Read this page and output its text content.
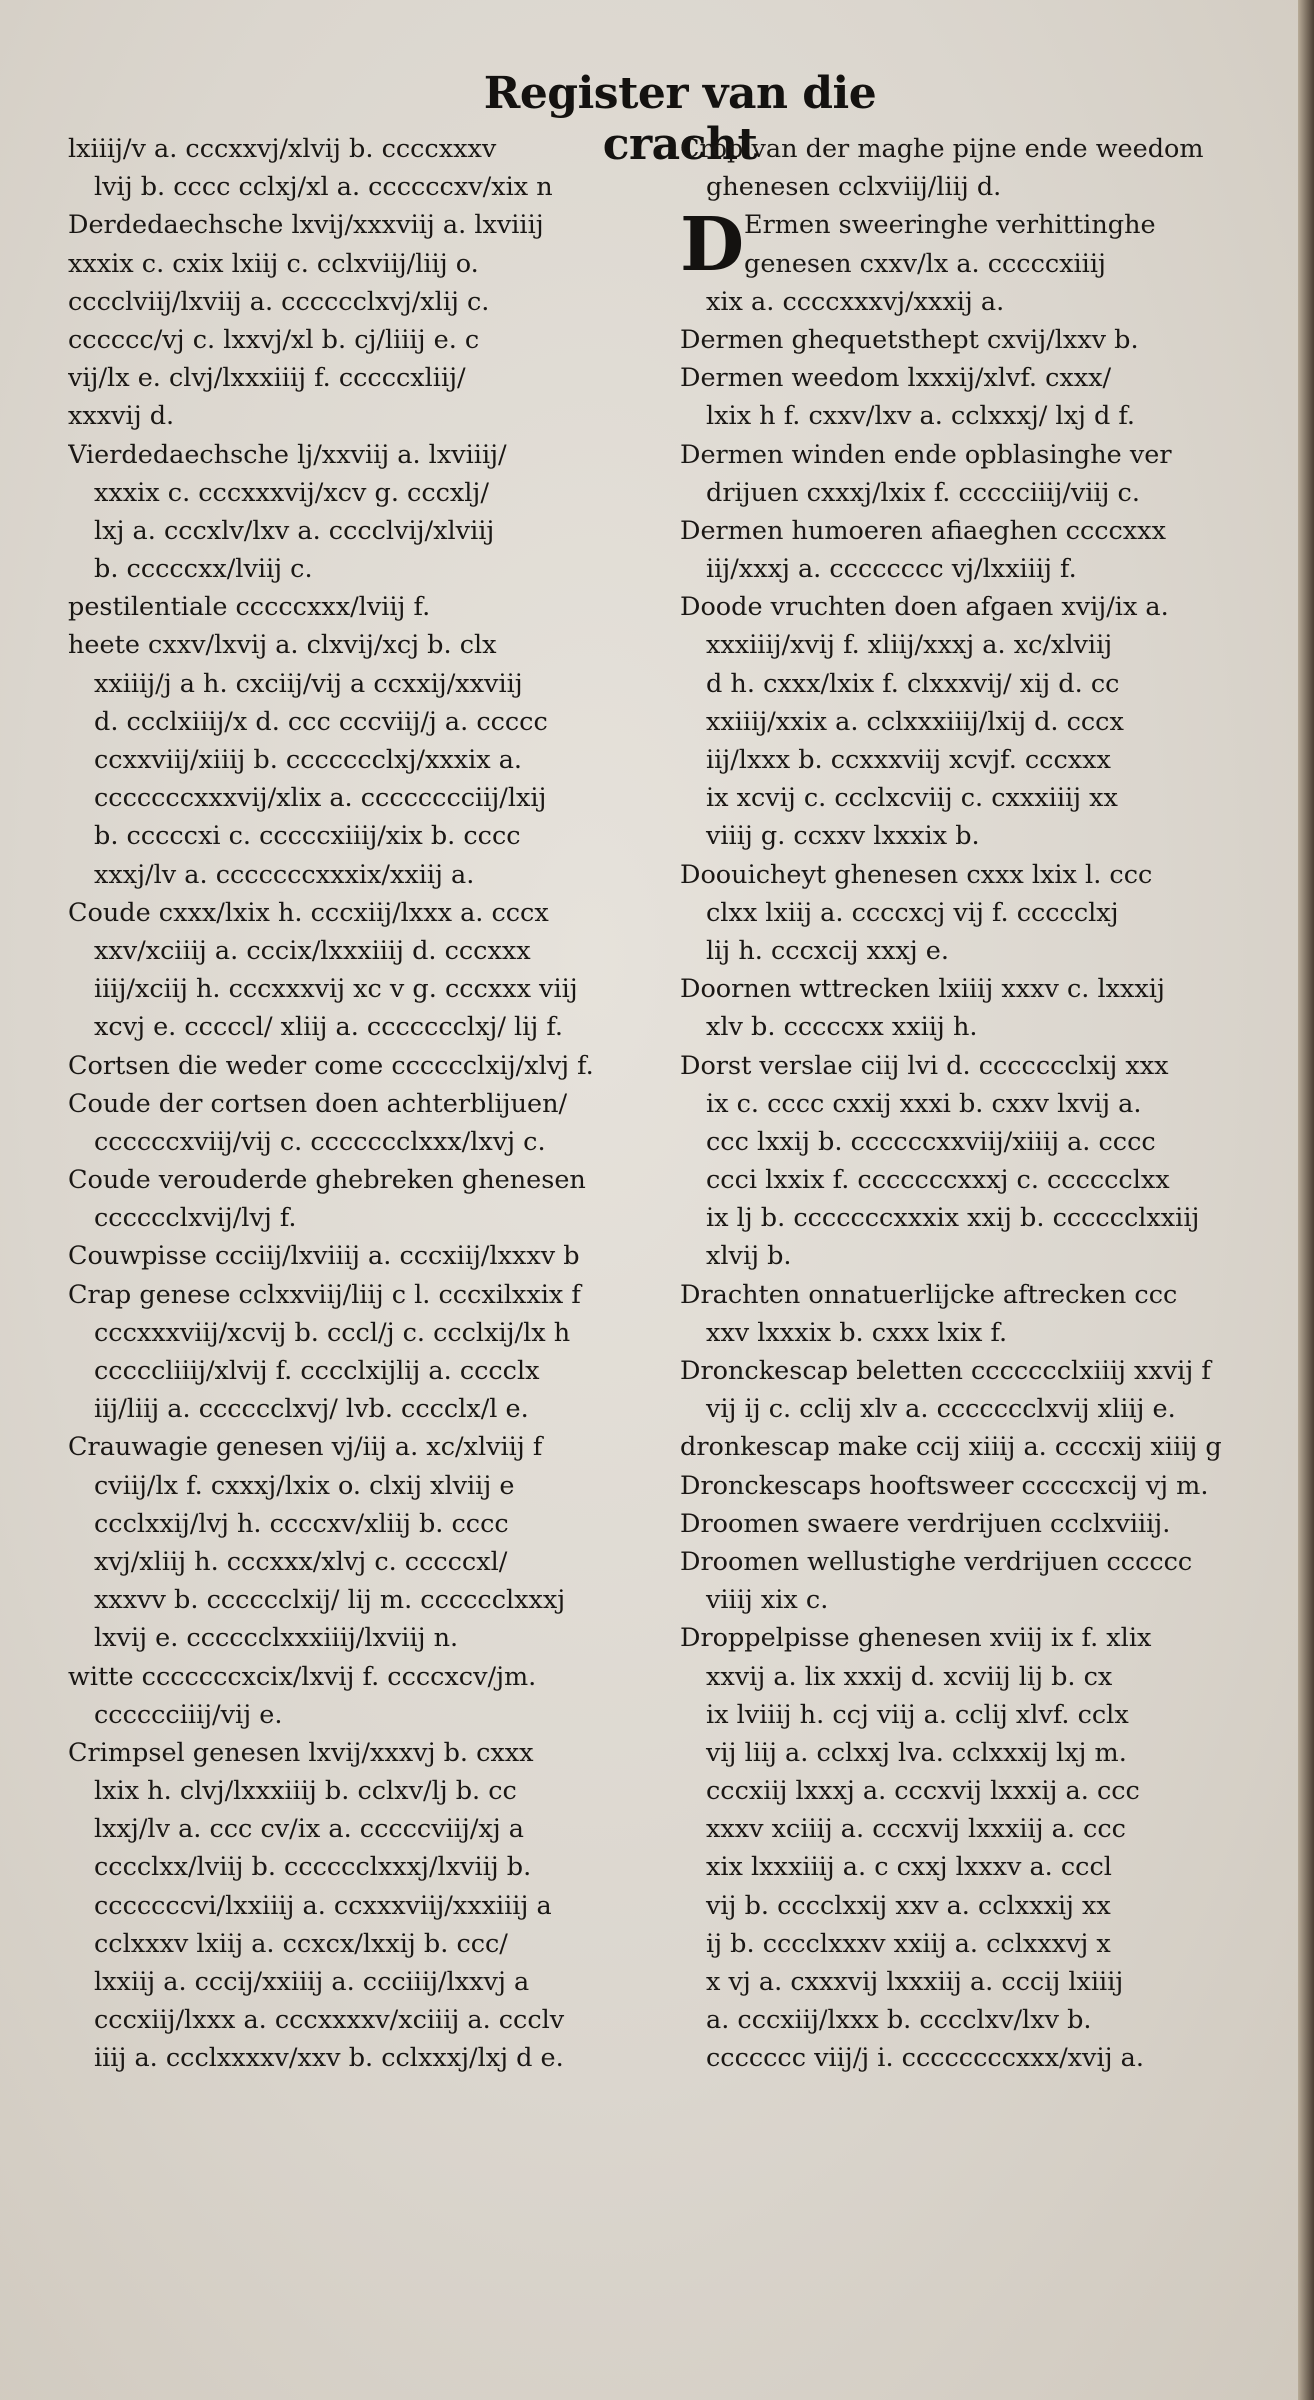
Register van die cracht
lxiiij/v a. cccxxvj/xlvij b. ccccxxxv
lvij b. cccc cclxj/xl a. ccccccxv/xix n
Derdedaechsche lxvij/xxxviij a. lxviiij
xxxix c. cxix lxiij c. cclxviij/liij o.
cccclviij/lxviij a. cccccclxvj/xlij c.
cccccc/vj c. lxxvj/xl b. cj/liiij e. c
vij/lx e. clvj/lxxxiiij f. cccccxliij/
xxxvij d.
Vierdedaechsche lj/xxviij a. lxviiij/
xxxix c. cccxxxvij/xcv g. cccxlj/
lxj a. cccxlv/lxv a. cccclvij/xlviij
b. cccccxx/lviij c.
pestilentiale cccccxxx/lviij f.
heete cxxv/lxvij a. clxvij/xcj b. clx
xxiiij/j a h. cxciij/vij a ccxxij/xxviij
d. ccclxiiij/x d. ccc cccviij/j a. ccccc
ccxxviij/xiiij b. ccccccclxj/xxxix a.
cccccccxxxvij/xlix a. cccccccciij/lxij
b. cccccxi c. cccccxiiij/xix b. cccc
xxxj/lv a. cccccccxxxix/xxiij a.
Coude cxxx/lxix h. cccxiij/lxxx a. cccx
xxv/xciiij a. cccix/lxxxiiij d. cccxxx
iiij/xciij h. cccxxxvij xc v g. cccxxx viij
xcvj e. cccccl/ xliij a. ccccccclxj/ lij f.
Cortsen die weder come cccccclxij/xlvj f.
Coude der cortsen doen achterblijuen/
ccccccxviij/vij c. ccccccclxxx/lxvj c.
Coude verouderde ghebreken ghenesen
cccccclxvij/lvj f.
Couwpisse ccciij/lxviiij a. cccxiij/lxxxv b
Crap genese cclxxviij/liij c l. cccxilxxix f
cccxxxviij/xcvij b. cccl/j c. ccclxij/lx h
cccccliiij/xlvij f. cccclxijlij a. cccclx
iij/liij a. cccccclxvj/ lvb. cccclx/l e.
Crauwagie genesen vj/iij a. xc/xlviij f
cviij/lx f. cxxxj/lxix o. clxij xlviij e
ccclxxij/lvj h. ccccxv/xliij b. cccc
xvj/xliij h. cccxxx/xlvj c. cccccxl/
xxxvv b. cccccclxij/ lij m. cccccclxxxj
lxvij e. cccccclxxxiiij/lxviij n.
witte cccccccxcix/lxvij f. ccccxcv/jm.
cccccciiij/vij e.
Crimpsel genesen lxvij/xxxvj b. cxxx
lxix h. clvj/lxxxiiij b. cclxv/lj b. cc
lxxj/lv a. ccc cv/ix a. cccccviij/xj a
cccclxx/lviij b. cccccclxxxj/lxviij b.
cccccccvi/lxxiiij a. ccxxxviij/xxxiiij a
cclxxxv lxiij a. ccxcx/lxxij b. ccc/
lxxiij a. cccij/xxiiij a. ccciiij/lxxvj a
cccxiij/lxxx a. cccxxxxv/xciiij a. ccclv
iiij a. ccclxxxxv/xxv b. cclxxxj/lxj d e.
Crop van der maghe pijne ende weedom
ghenesen cclxviij/liij d.
D Ermen sweeringhe verhittinghe
genesen cxxv/lx a. cccccxiiij
xix a. ccccxxxvj/xxxij a.
Dermen ghequetsthept cxvij/lxxv b.
Dermen weedom lxxxij/xlvf. cxxx/
lxix h f. cxxv/lxv a. cclxxxj/ lxj d f.
Dermen winden ende opblasinghe ver
drijuen cxxxj/lxix f. ccccciiij/viij c.
Dermen humoeren afiaeghen ccccxxx
iij/xxxj a. cccccccc vj/lxxiiij f.
Doode vruchten doen afgaen xvij/ix a.
xxxiiij/xvij f. xliij/xxxj a. xc/xlviij
d h. cxxx/lxix f. clxxxvij/ xij d. cc
xxiiij/xxix a. cclxxxiiij/lxij d. cccx
iij/lxxx b. ccxxxviij xcvjf. cccxxx
ix xcvij c. ccclxcviij c. cxxxiiij xx
viiij g. ccxxv lxxxix b.
Doouicheyt ghenesen cxxx lxix l. ccc
clxx lxiij a. ccccxcj vij f. ccccclxj
lij h. cccxcij xxxj e.
Doornen wttrecken lxiiij xxxv c. lxxxij
xlv b. cccccxx xxiij h.
Dorst verslae ciij lvi d. ccccccclxij xxx
ix c. cccc cxxij xxxi b. cxxv lxvij a.
ccc lxxij b. ccccccxxviij/xiiij a. cccc
ccci lxxix f. cccccccxxxj c. cccccclxx
ix lj b. cccccccxxxix xxij b. cccccclxxiij
xlvij b.
Drachten onnatuerlijcke aftrecken ccc
xxv lxxxix b. cxxx lxix f.
Dronckescap beletten ccccccclxiiij xxvij f
vij ij c. cclij xlv a. ccccccclxvij xliij e.
dronkescap make ccij xiiij a. ccccxij xiiij g
Dronckescaps hooftsweer cccccxcij vj m.
Droomen swaere verdrijuen ccclxviiij.
Droomen wellustighe verdrijuen cccccc
viiij xix c.
Droppelpisse ghenesen xviij ix f. xlix
xxvij a. lix xxxij d. xcviij lij b. cx
ix lviiij h. ccj viij a. cclij xlvf. cclx
vij liij a. cclxxj lva. cclxxxij lxj m.
cccxiij lxxxj a. cccxvij lxxxij a. ccc
xxxv xciiij a. cccxvij lxxxiij a. ccc
xix lxxxiiij a. c cxxj lxxxv a. cccl
vij b. cccclxxij xxv a. cclxxxij xx
ij b. cccclxxxv xxiij a. cclxxxvj x
x vj a. cxxxvij lxxxiij a. cccij lxiiij
a. cccxiij/lxxx b. cccclxv/lxv b.
ccccccc viij/j i. ccccccccxxx/xvij a.
